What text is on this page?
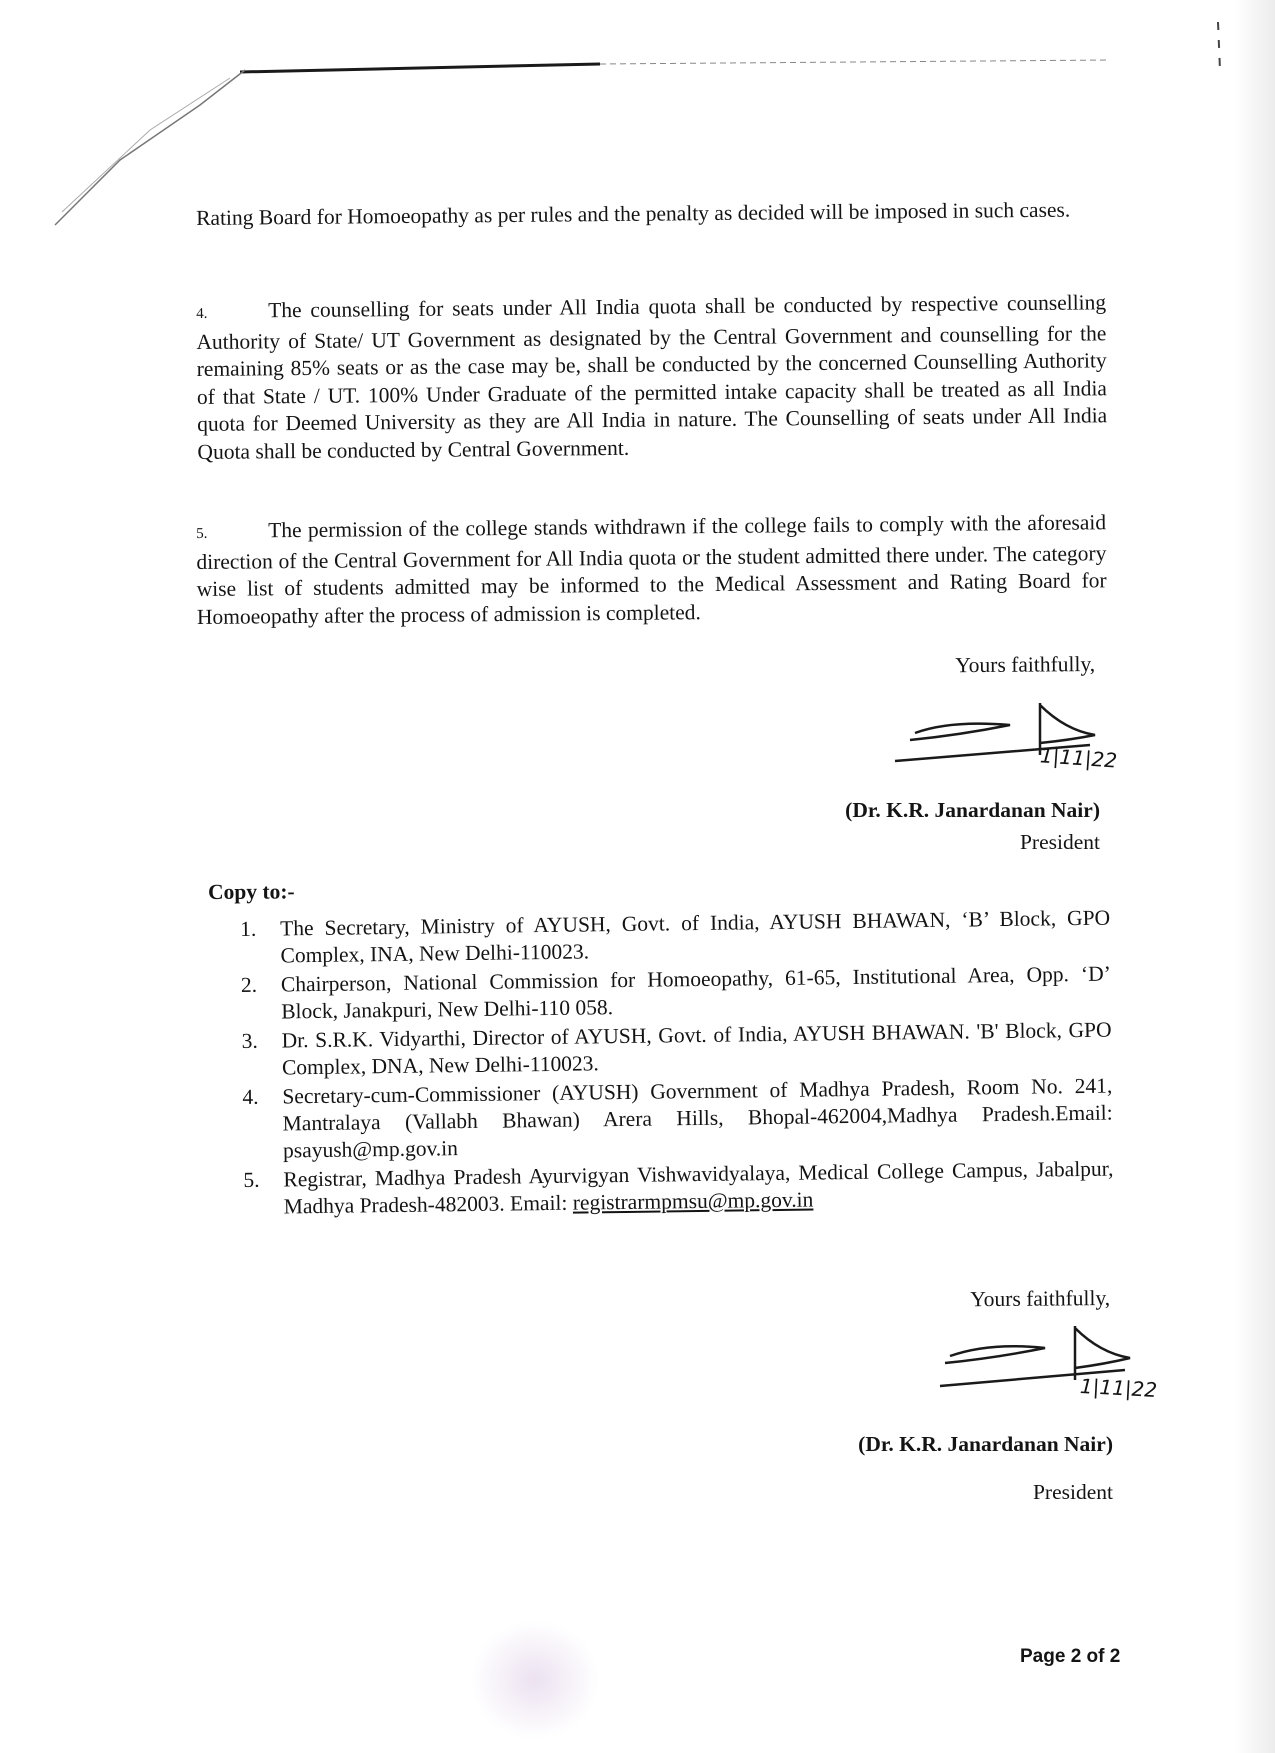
Rating Board for Homoeopathy as per rules and the penalty as decided will be imposed in such cases.
4.	The counselling for seats under All India quota shall be conducted by respective counselling Authority of State/ UT Government as designated by the Central Government and counselling for the remaining 85% seats or as the case may be, shall be conducted by the concerned Counselling Authority of that State / UT. 100% Under Graduate of the permitted intake capacity shall be treated as all India quota for Deemed University as they are All India in nature. The Counselling of seats under All India Quota shall be conducted by Central Government.
5.	The permission of the college stands withdrawn if the college fails to comply with the aforesaid direction of the Central Government for All India quota or the student admitted there under. The category wise list of students admitted may be informed to the Medical Assessment and Rating Board for Homoeopathy after the process of admission is completed.
Yours faithfully,
1|11|22
(Dr. K.R. Janardanan Nair)
President
Copy to:-
1. The Secretary, Ministry of AYUSH, Govt. of India, AYUSH BHAWAN, ‘B’ Block, GPO Complex, INA, New Delhi-110023.
2. Chairperson, National Commission for Homoeopathy, 61-65, Institutional Area, Opp. ‘D’ Block, Janakpuri, New Delhi-110 058.
3. Dr. S.R.K. Vidyarthi, Director of AYUSH, Govt. of India, AYUSH BHAWAN. 'B' Block, GPO Complex, DNA, New Delhi-110023.
4. Secretary-cum-Commissioner (AYUSH) Government of Madhya Pradesh, Room No. 241, Mantralaya (Vallabh Bhawan) Arera Hills, Bhopal-462004,Madhya Pradesh.Email: psayush@mp.gov.in
5. Registrar, Madhya Pradesh Ayurvigyan Vishwavidyalaya, Medical College Campus, Jabalpur, Madhya Pradesh-482003. Email: registrarmpmsu@mp.gov.in
Yours faithfully,
1|11|22
(Dr. K.R. Janardanan Nair)
President
Page 2 of 2
